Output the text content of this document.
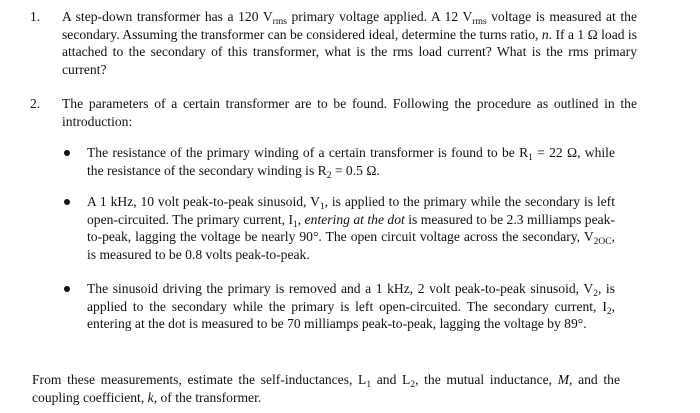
1. A step-down transformer has a 120 $V_{rms}$ primary voltage applied. A 12 $V_{rms}$ voltage is measured at the secondary. Assuming the transformer can be considered ideal, determine the turns ratio, n. If a 1 Ω load is attached to the secondary of this transformer, what is the rms load current? What is the rms primary current?
2. The parameters of a certain transformer are to be found. Following the procedure as outlined in the introduction:
The resistance of the primary winding of a certain transformer is found to be $R_1 = 22$ Ω, while the resistance of the secondary winding is $R_2 = 0.5$ Ω.
A 1 kHz, 10 volt peak-to-peak sinusoid, $V_1$, is applied to the primary while the secondary is left open-circuited. The primary current, $I_1$, entering at the dot is measured to be 2.3 milliamps peak-to-peak, lagging the voltage be nearly 90°. The open circuit voltage across the secondary, $V_{2OC}$, is measured to be 0.8 volts peak-to-peak.
The sinusoid driving the primary is removed and a 1 kHz, 2 volt peak-to-peak sinusoid, $V_2$, is applied to the secondary while the primary is left open-circuited. The secondary current, $I_2$, entering at the dot is measured to be 70 milliamps peak-to-peak, lagging the voltage by 89°.
From these measurements, estimate the self-inductances, $L_1$ and $L_2$, the mutual inductance, M, and the coupling coefficient, k, of the transformer.
